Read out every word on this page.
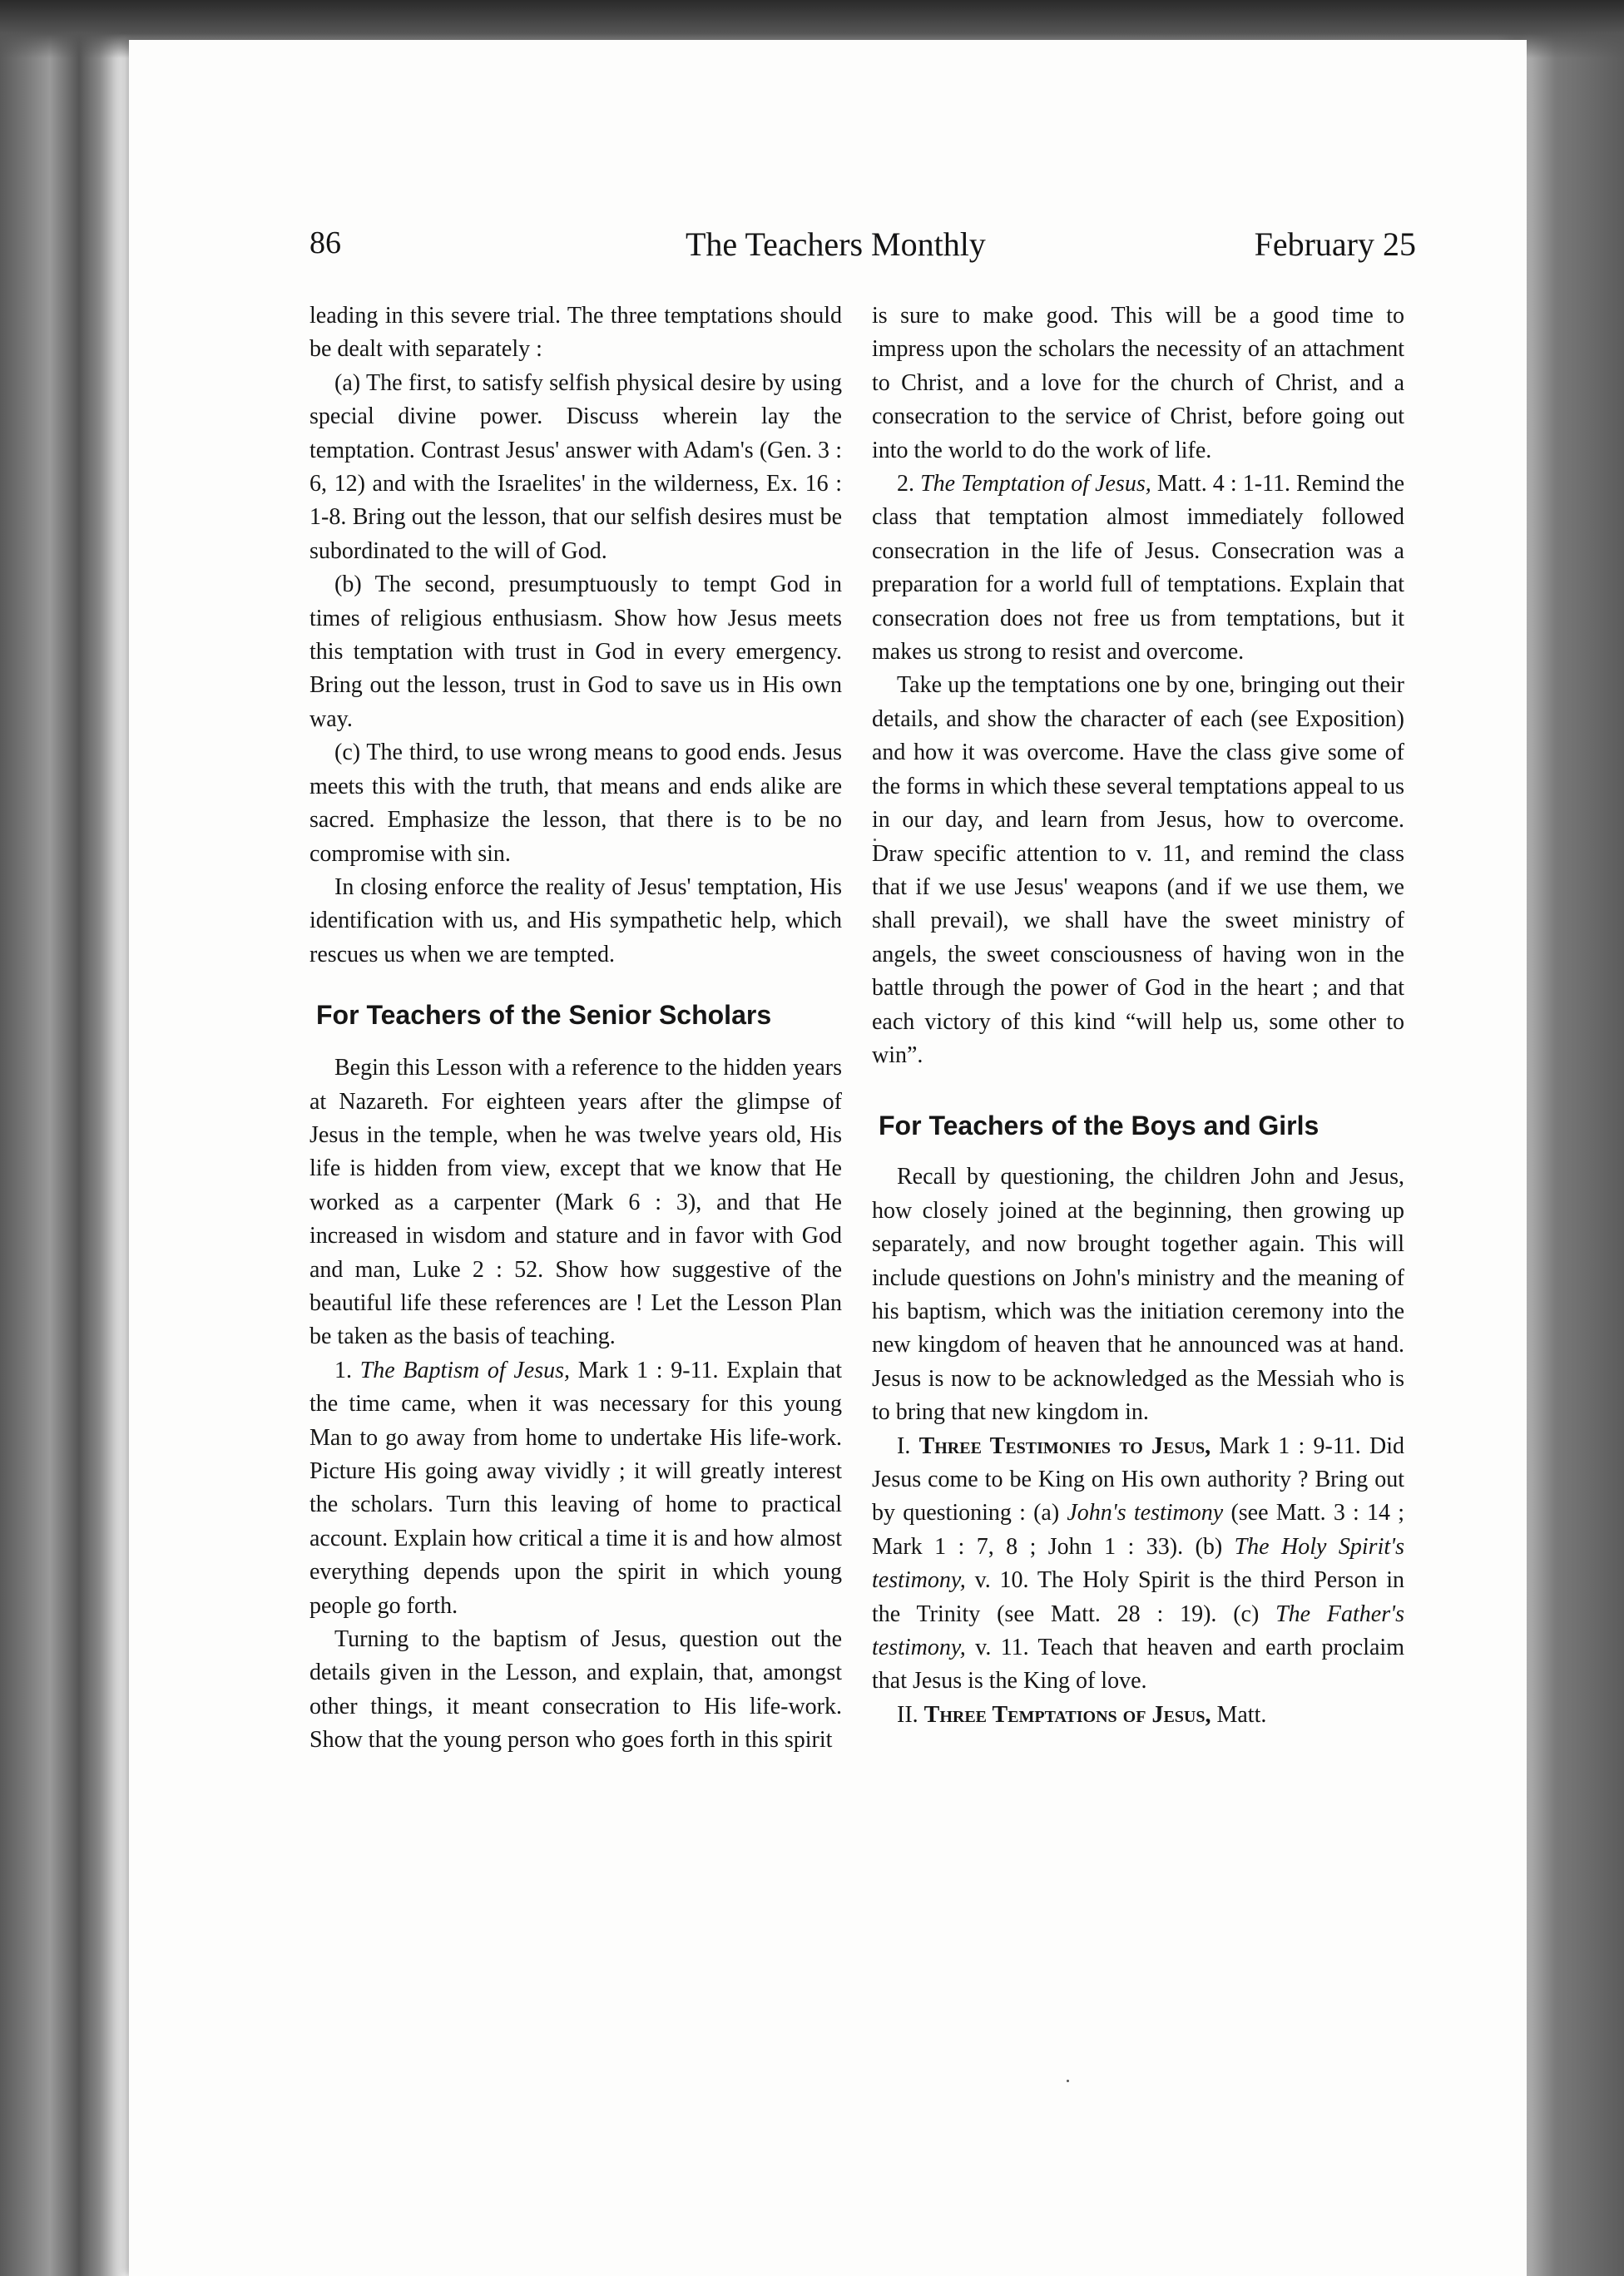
86	The Teachers Monthly	February 25

leading in this severe trial. The three temptations should be dealt with separately :

(a) The first, to satisfy selfish physical desire by using special divine power. Discuss wherein lay the temptation. Contrast Jesus' answer with Adam's (Gen. 3 : 6, 12) and with the Israelites' in the wilderness, Ex. 16 : 1-8. Bring out the lesson, that our selfish desires must be subordinated to the will of God.

(b) The second, presumptuously to tempt God in times of religious enthusiasm. Show how Jesus meets this temptation with trust in God in every emergency. Bring out the lesson, trust in God to save us in His own way.

(c) The third, to use wrong means to good ends. Jesus meets this with the truth, that means and ends alike are sacred. Emphasize the lesson, that there is to be no compromise with sin.

In closing enforce the reality of Jesus' temptation, His identification with us, and His sympathetic help, which rescues us when we are tempted.

For Teachers of the Senior Scholars

Begin this Lesson with a reference to the hidden years at Nazareth. For eighteen years after the glimpse of Jesus in the temple, when he was twelve years old, His life is hidden from view, except that we know that He worked as a carpenter (Mark 6 : 3), and that He increased in wisdom and stature and in favor with God and man, Luke 2 : 52. Show how suggestive of the beautiful life these references are ! Let the Lesson Plan be taken as the basis of teaching.

1. The Baptism of Jesus, Mark 1 : 9-11. Explain that the time came, when it was necessary for this young Man to go away from home to undertake His life-work. Picture His going away vividly ; it will greatly interest the scholars. Turn this leaving of home to practical account. Explain how critical a time it is and how almost everything depends upon the spirit in which young people go forth.

Turning to the baptism of Jesus, question out the details given in the Lesson, and explain, that, amongst other things, it meant consecration to His life-work. Show that the young person who goes forth in this spirit

is sure to make good. This will be a good time to impress upon the scholars the necessity of an attachment to Christ, and a love for the church of Christ, and a consecration to the service of Christ, before going out into the world to do the work of life.

2. The Temptation of Jesus, Matt. 4 : 1-11. Remind the class that temptation almost immediately followed consecration in the life of Jesus. Consecration was a preparation for a world full of temptations. Explain that consecration does not free us from temptations, but it makes us strong to resist and overcome.

Take up the temptations one by one, bringing out their details, and show the character of each (see Exposition) and how it was overcome. Have the class give some of the forms in which these several temptations appeal to us in our day, and learn from Jesus, how to overcome. Draw specific attention to v. 11, and remind the class that if we use Jesus' weapons (and if we use them, we shall prevail), we shall have the sweet ministry of angels, the sweet consciousness of having won in the battle through the power of God in the heart ; and that each victory of this kind “will help us, some other to win”.

For Teachers of the Boys and Girls

Recall by questioning, the children John and Jesus, how closely joined at the beginning, then growing up separately, and now brought together again. This will include questions on John's ministry and the meaning of his baptism, which was the initiation ceremony into the new kingdom of heaven that he announced was at hand. Jesus is now to be acknowledged as the Messiah who is to bring that new kingdom in.

I. Three Testimonies to Jesus, Mark 1 : 9-11. Did Jesus come to be King on His own authority ? Bring out by questioning : (a) John's testimony (see Matt. 3 : 14 ; Mark 1 : 7, 8 ; John 1 : 33). (b) The Holy Spirit's testimony, v. 10. The Holy Spirit is the third Person in the Trinity (see Matt. 28 : 19). (c) The Father's testimony, v. 11. Teach that heaven and earth proclaim that Jesus is the King of love.

II. Three Temptations of Jesus, Matt.
